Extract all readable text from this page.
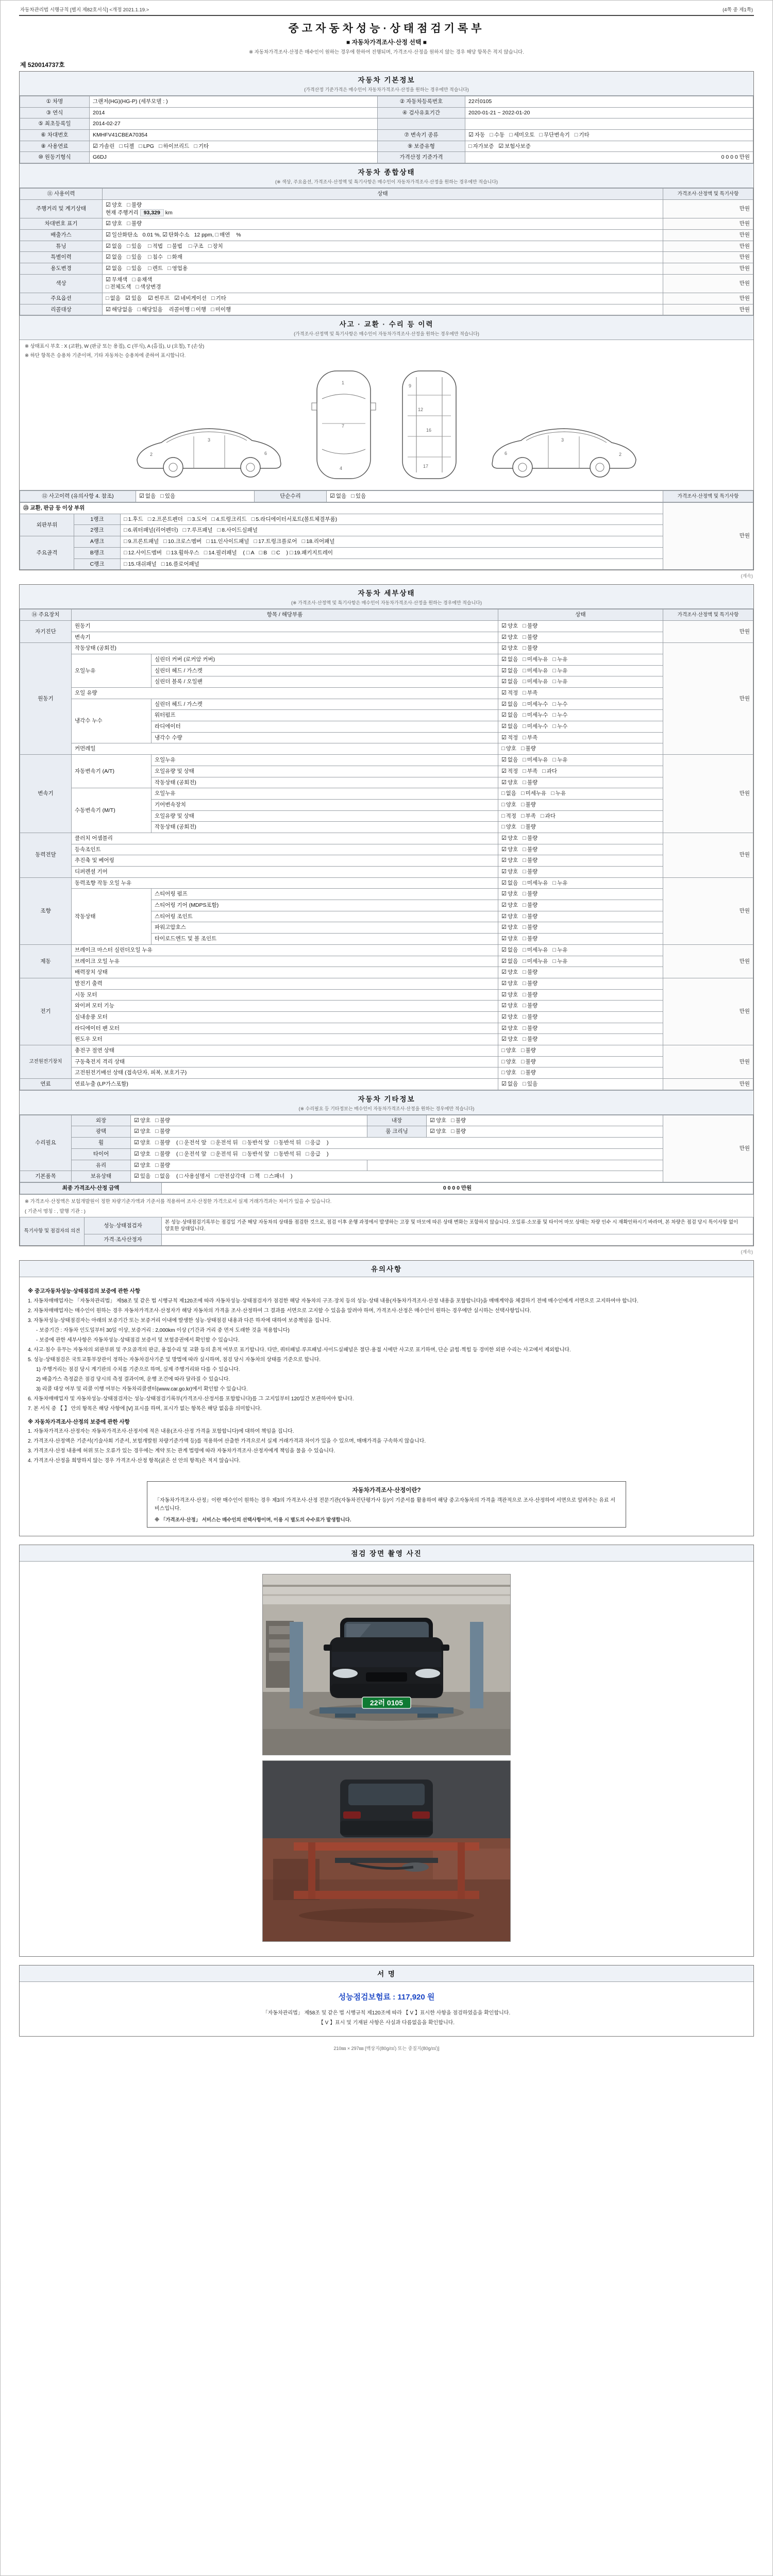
자동차관리법 시행규칙 [별지 제82호서식] <개정 2021.1.19.>	(4쪽 중 제1쪽)
중고자동차성능·상태점검기록부
■ 자동차가격조사·산정 선택 ■
※ 자동차가격조사·산정은 매수인이 원하는 경우에 한하여 진행되며, 가격조사·산정을 원하지 않는 경우 해당 항목은 적지 않습니다.
제 520014737호
자동차 기본정보
(가격산정 기준가격은 매수인이 자동차가격조사·산정을 원하는 경우에만 적습니다)
① 차명	그랜저(HG)(HG-P) (세부모델 : )	② 자동차등록번호	22러0105
③ 연식	2014	④ 검사유효기간	2020-01-21 ~ 2022-01-20
⑤ 최초등록일	2014-02-27		
⑥ 차대번호	KMHFV41CBEA70354	⑦ 변속기 종류	☑ 자동 □ 수동 □ 세미오토 □ 무단변속기 □ 기타
⑧ 사용연료	☑ 가솔린 □ 디젤 □ LPG □ 하이브리드 □ 기타	⑨ 보증유형	□ 자가보증 ☑ 보험사보증
⑩ 원동기형식	G6DJ	가격산정 기준가격	0 0 0 0 만원
자동차 종합상태
(※ 색상, 주요옵션, 가격조사·산정액 및 특기사항은 매수인이 자동차가격조사·산정을 원하는 경우에만 적습니다)
⑪ 사용이력	상태	가격조사·산정액 및 특기사항
주행거리 및 계기상태	☑ 양호 □ 불량
현재 주행거리 93,329 km	만원
차대번호 표기	☑ 양호 □ 불량	만원
배출가스	☑ 일산화탄소 0.01 %, ☑ 탄화수소 12 ppm, □ 매연 %	만원
튜닝	☑ 없음 □ 있음 □ 적법 □ 불법 □ 구조 □ 장치	만원
특별이력	☑ 없음 □ 있음 □ 침수 □ 화재	만원
용도변경	☑ 없음 □ 있음 □ 렌트 □ 영업용	만원
색상	☑ 무채색 □ 유채색
□ 전체도색 □ 색상변경	만원
주요옵션	□ 없음 ☑ 있음 ☑ 썬루프 ☑ 네비게이션 □ 기타	만원
리콜대상	☑ 해당없음 □ 해당있음 리콜이행 □ 이행 □ 미이행	만원
사고 · 교환 · 수리 등 이력
(가격조사·산정액 및 특기사항은 매수인이 자동차가격조사·산정을 원하는 경우에만 적습니다)
※ 상태표시 부호 : X (교환), W (판금 또는 용접), C (부식), A (흠집), U (요철), T (손상)
※ 하단 항목은 승용차 기준이며, 기타 자동차는 승용차에 준하여 표시합니다.
2
3
6
1
7
4
9
12
16
17
6
3
2
⑫ 사고이력 (유의사항 4. 참조)	☑ 없음 □ 있음	단순수리	☑ 없음 □ 있음	가격조사·산정액 및 특기사항
⑬ 교환, 판금 등 이상 부위			만원
외판부위	1랭크	□ 1.후드 □ 2.프론트펜더 □ 3.도어 □ 4.트렁크리드 □ 5.라디에이터서포트(볼트체결부품)	
	2랭크	□ 6.쿼터패널(리어펜더) □ 7.루프패널 □ 8.사이드실패널	
주요골격	A랭크	□ 9.프론트패널 □ 10.크로스멤버 □ 11.인사이드패널 □ 17.트렁크플로어 □ 18.리어패널	
	B랭크	□ 12.사이드멤버 □ 13.휠하우스 □ 14.필러패널 ( □ A □ B □ C ) □ 19.패키지트레이	
	C랭크	□ 15.대쉬패널 □ 16.플로어패널	
(계속)
자동차 세부상태
(※ 가격조사·산정액 및 특기사항은 매수인이 자동차가격조사·산정을 원하는 경우에만 적습니다)
⑭ 주요장치	항목 / 해당부품		상태	가격조사·산정액 및 특기사항
자기진단	원동기		☑ 양호 □ 불량	만원
	변속기		☑ 양호 □ 불량	
원동기	작동상태 (공회전)		☑ 양호 □ 불량	만원
	오일누유	실린더 커버 (로커암 커버)	☑ 없음 □ 미세누유 □ 누유	
		실린더 헤드 / 가스켓	☑ 없음 □ 미세누유 □ 누유	
		실린더 블록 / 오일팬	☑ 없음 □ 미세누유 □ 누유	
	오일 유량		☑ 적정 □ 부족	
	냉각수 누수	실린더 헤드 / 가스켓	☑ 없음 □ 미세누수 □ 누수	
		워터펌프	☑ 없음 □ 미세누수 □ 누수	
		라디에이터	☑ 없음 □ 미세누수 □ 누수	
		냉각수 수량	☑ 적정 □ 부족	
	커먼레일		□ 양호 □ 불량	
변속기	자동변속기 (A/T)	오일누유	☑ 없음 □ 미세누유 □ 누유	만원
		오일유량 및 상태	☑ 적정 □ 부족 □ 과다	
		작동상태 (공회전)	☑ 양호 □ 불량	
	수동변속기 (M/T)	오일누유	□ 없음 □ 미세누유 □ 누유	
		기어변속장치	□ 양호 □ 불량	
		오일유량 및 상태	□ 적정 □ 부족 □ 과다	
		작동상태 (공회전)	□ 양호 □ 불량	
동력전달	클러치 어셈블리		☑ 양호 □ 불량	만원
	등속조인트		☑ 양호 □ 불량	
	추진축 및 베어링		☑ 양호 □ 불량	
	디퍼렌셜 기어		☑ 양호 □ 불량	
조향	동력조향 작동 오일 누유		☑ 없음 □ 미세누유 □ 누유	만원
	작동상태	스티어링 펌프	☑ 양호 □ 불량	
		스티어링 기어 (MDPS포함)	☑ 양호 □ 불량	
		스티어링 조인트	☑ 양호 □ 불량	
		파워고압호스	☑ 양호 □ 불량	
		타이로드엔드 및 볼 조인트	☑ 양호 □ 불량	
제동	브레이크 마스터 실린더오일 누유		☑ 없음 □ 미세누유 □ 누유	만원
	브레이크 오일 누유		☑ 없음 □ 미세누유 □ 누유	
	배력장치 상태		☑ 양호 □ 불량	
전기	발전기 출력		☑ 양호 □ 불량	만원
	시동 모터		☑ 양호 □ 불량	
	와이퍼 모터 기능		☑ 양호 □ 불량	
	실내송풍 모터		☑ 양호 □ 불량	
	라디에이터 팬 모터		☑ 양호 □ 불량	
	윈도우 모터		☑ 양호 □ 불량	
고전원전기장치	충전구 절연 상태		□ 양호 □ 불량	만원
	구동축전지 격리 상태		□ 양호 □ 불량	
	고전원전기배선 상태 (접속단자, 피복, 보호기구)		□ 양호 □ 불량	
연료	연료누출 (LP가스포함)		☑ 없음 □ 있음	만원
자동차 기타정보
(※ 수리필요 등 기타정보는 매수인이 자동차가격조사·산정을 원하는 경우에만 적습니다)
수리필요	외장	☑ 양호 □ 불량	내장	☑ 양호 □ 불량	만원
	광택	☑ 양호 □ 불량	룸 크리닝	☑ 양호 □ 불량	
	휠	☑ 양호 □ 불량 ( □ 운전석 앞 □ 운전석 뒤 □ 동반석 앞 □ 동반석 뒤 □ 응급 )			
	타이어	☑ 양호 □ 불량 ( □ 운전석 앞 □ 운전석 뒤 □ 동반석 앞 □ 동반석 뒤 □ 응급 )			
	유리	☑ 양호 □ 불량			
기본품목	보유상태	☑ 있음 □ 없음 ( □ 사용설명서 □ 안전삼각대 □ 잭 □ 스패너 )			
최종 가격조사·산정 금액	0 0 0 0 만원
※ 가격조사·산정액은 보험개발원이 정한 차량기준가액과 기준서를 적용하여 조사·산정한 가격으로서 실제 거래가격과는 차이가 있을 수 있습니다.
( 기준서 명칭 : , 발행 기관 : )
특기사항 및 점검자의 의견	성능·상태점검자	본 성능·상태점검기록부는 점검일 기준 해당 자동차의 상태를 점검한 것으로, 점검 이후 운행 과정에서 발생하는 고장 및 마모에 따른 상태 변화는 포함하지 않습니다. 오일류·소모품 및 타이어 마모 상태는 차량 인수 시 재확인하시기 바라며, 본 차량은 점검 당시 특이사항 없이 양호한 상태입니다.
	가격·조사산정자	
(계속)
유의사항

※ 중고자동차성능·상태점검의 보증에 관한 사항

1. 자동차매매업자는 「자동차관리법」 제58조 및 같은 법 시행규칙 제120조에 따라 자동차성능·상태점검자가 점검한 해당 자동차의 구조·장치 등의 성능·상태 내용(자동차가격조사·산정 내용을 포함합니다)을 매매계약을 체결하기 전에 매수인에게 서면으로 고지하여야 합니다.

2. 자동차매매업자는 매수인이 원하는 경우 자동차가격조사·산정자가 해당 자동차의 가격을 조사·산정하여 그 결과를 서면으로 고지할 수 있음을 알려야 하며, 가격조사·산정은 매수인이 원하는 경우에만 실시하는 선택사항입니다.

3. 자동차성능·상태점검자는 아래의 보증기간 또는 보증거리 이내에 발생한 성능·상태점검 내용과 다른 하자에 대하여 보증책임을 집니다.

- 보증기간 : 자동차 인도일부터 30일 이상, 보증거리 : 2,000km 이상 (기간과 거리 중 먼저 도래한 것을 적용합니다)

- 보증에 관한 세부사항은 자동차성능·상태점검 보증서 및 보험증권에서 확인할 수 있습니다.

4. 사고·침수 유무는 자동차의 외판부위 및 주요골격의 판금, 용접수리 및 교환 등의 흔적 여부로 표기합니다. 다만, 쿼터패널·루프패널·사이드실패널은 절단·용접 시에만 사고로 표기하며, 단순 긁힘·찍힘 등 경미한 외판 수리는 사고에서 제외합니다.

5. 성능·상태점검은 국토교통부장관이 정하는 자동차검사기준 및 방법에 따라 실시하며, 점검 당시 자동차의 상태를 기준으로 합니다.

1) 주행거리는 점검 당시 계기판의 수치를 기준으로 하며, 실제 주행거리와 다를 수 있습니다.

2) 배출가스 측정값은 점검 당시의 측정 결과이며, 운행 조건에 따라 달라질 수 있습니다.

3) 리콜 대상 여부 및 리콜 이행 여부는 자동차리콜센터(www.car.go.kr)에서 확인할 수 있습니다.

6. 자동차매매업자 및 자동차성능·상태점검자는 성능·상태점검기록부(가격조사·산정서를 포함합니다)를 그 고지일부터 120일간 보관하여야 합니다.

7. 본 서식 중 【 】 안의 항목은 해당 사항에 [V] 표시를 하며, 표시가 없는 항목은 해당 없음을 의미합니다.

※ 자동차가격조사·산정의 보증에 관한 사항

1. 자동차가격조사·산정자는 자동차가격조사·산정서에 적은 내용(조사·산정 가격을 포함합니다)에 대하여 책임을 집니다.

2. 가격조사·산정액은 기준서(기술사회 기준서, 보험개발원 차량기준가액 등)를 적용하여 산출한 가격으로서 실제 거래가격과 차이가 있을 수 있으며, 매매가격을 구속하지 않습니다.

3. 가격조사·산정 내용에 허위 또는 오류가 있는 경우에는 계약 또는 관계 법령에 따라 자동차가격조사·산정자에게 책임을 물을 수 있습니다.

4. 가격조사·산정을 희망하지 않는 경우 가격조사·산정 항목(굵은 선 안의 항목)은 적지 않습니다.

자동차가격조사·산정이란?
「자동차가격조사·산정」이란 매수인이 원하는 경우 제3의 가격조사·산정 전문기관(자동차진단평가사 등)이 기준서를 활용하여 해당 중고자동차의 가격을 객관적으로 조사·산정하여 서면으로 알려주는 유료 서비스입니다.
※ 「가격조사·산정」 서비스는 매수인의 선택사항이며, 이용 시 별도의 수수료가 발생합니다.
점검 장면 촬영 사진
22러 0105
서 명
성능점검보험료 : 117,920 원
「자동차관리법」 제58조 및 같은 법 시행규칙 제120조에 따라 【 V 】표시한 사항을 점검하였음을 확인합니다.
【 V 】표시 및 기재된 사항은 사실과 다름없음을 확인합니다.
210㎜ × 297㎜ [백상지(80g/㎡) 또는 중질지(80g/㎡)]
